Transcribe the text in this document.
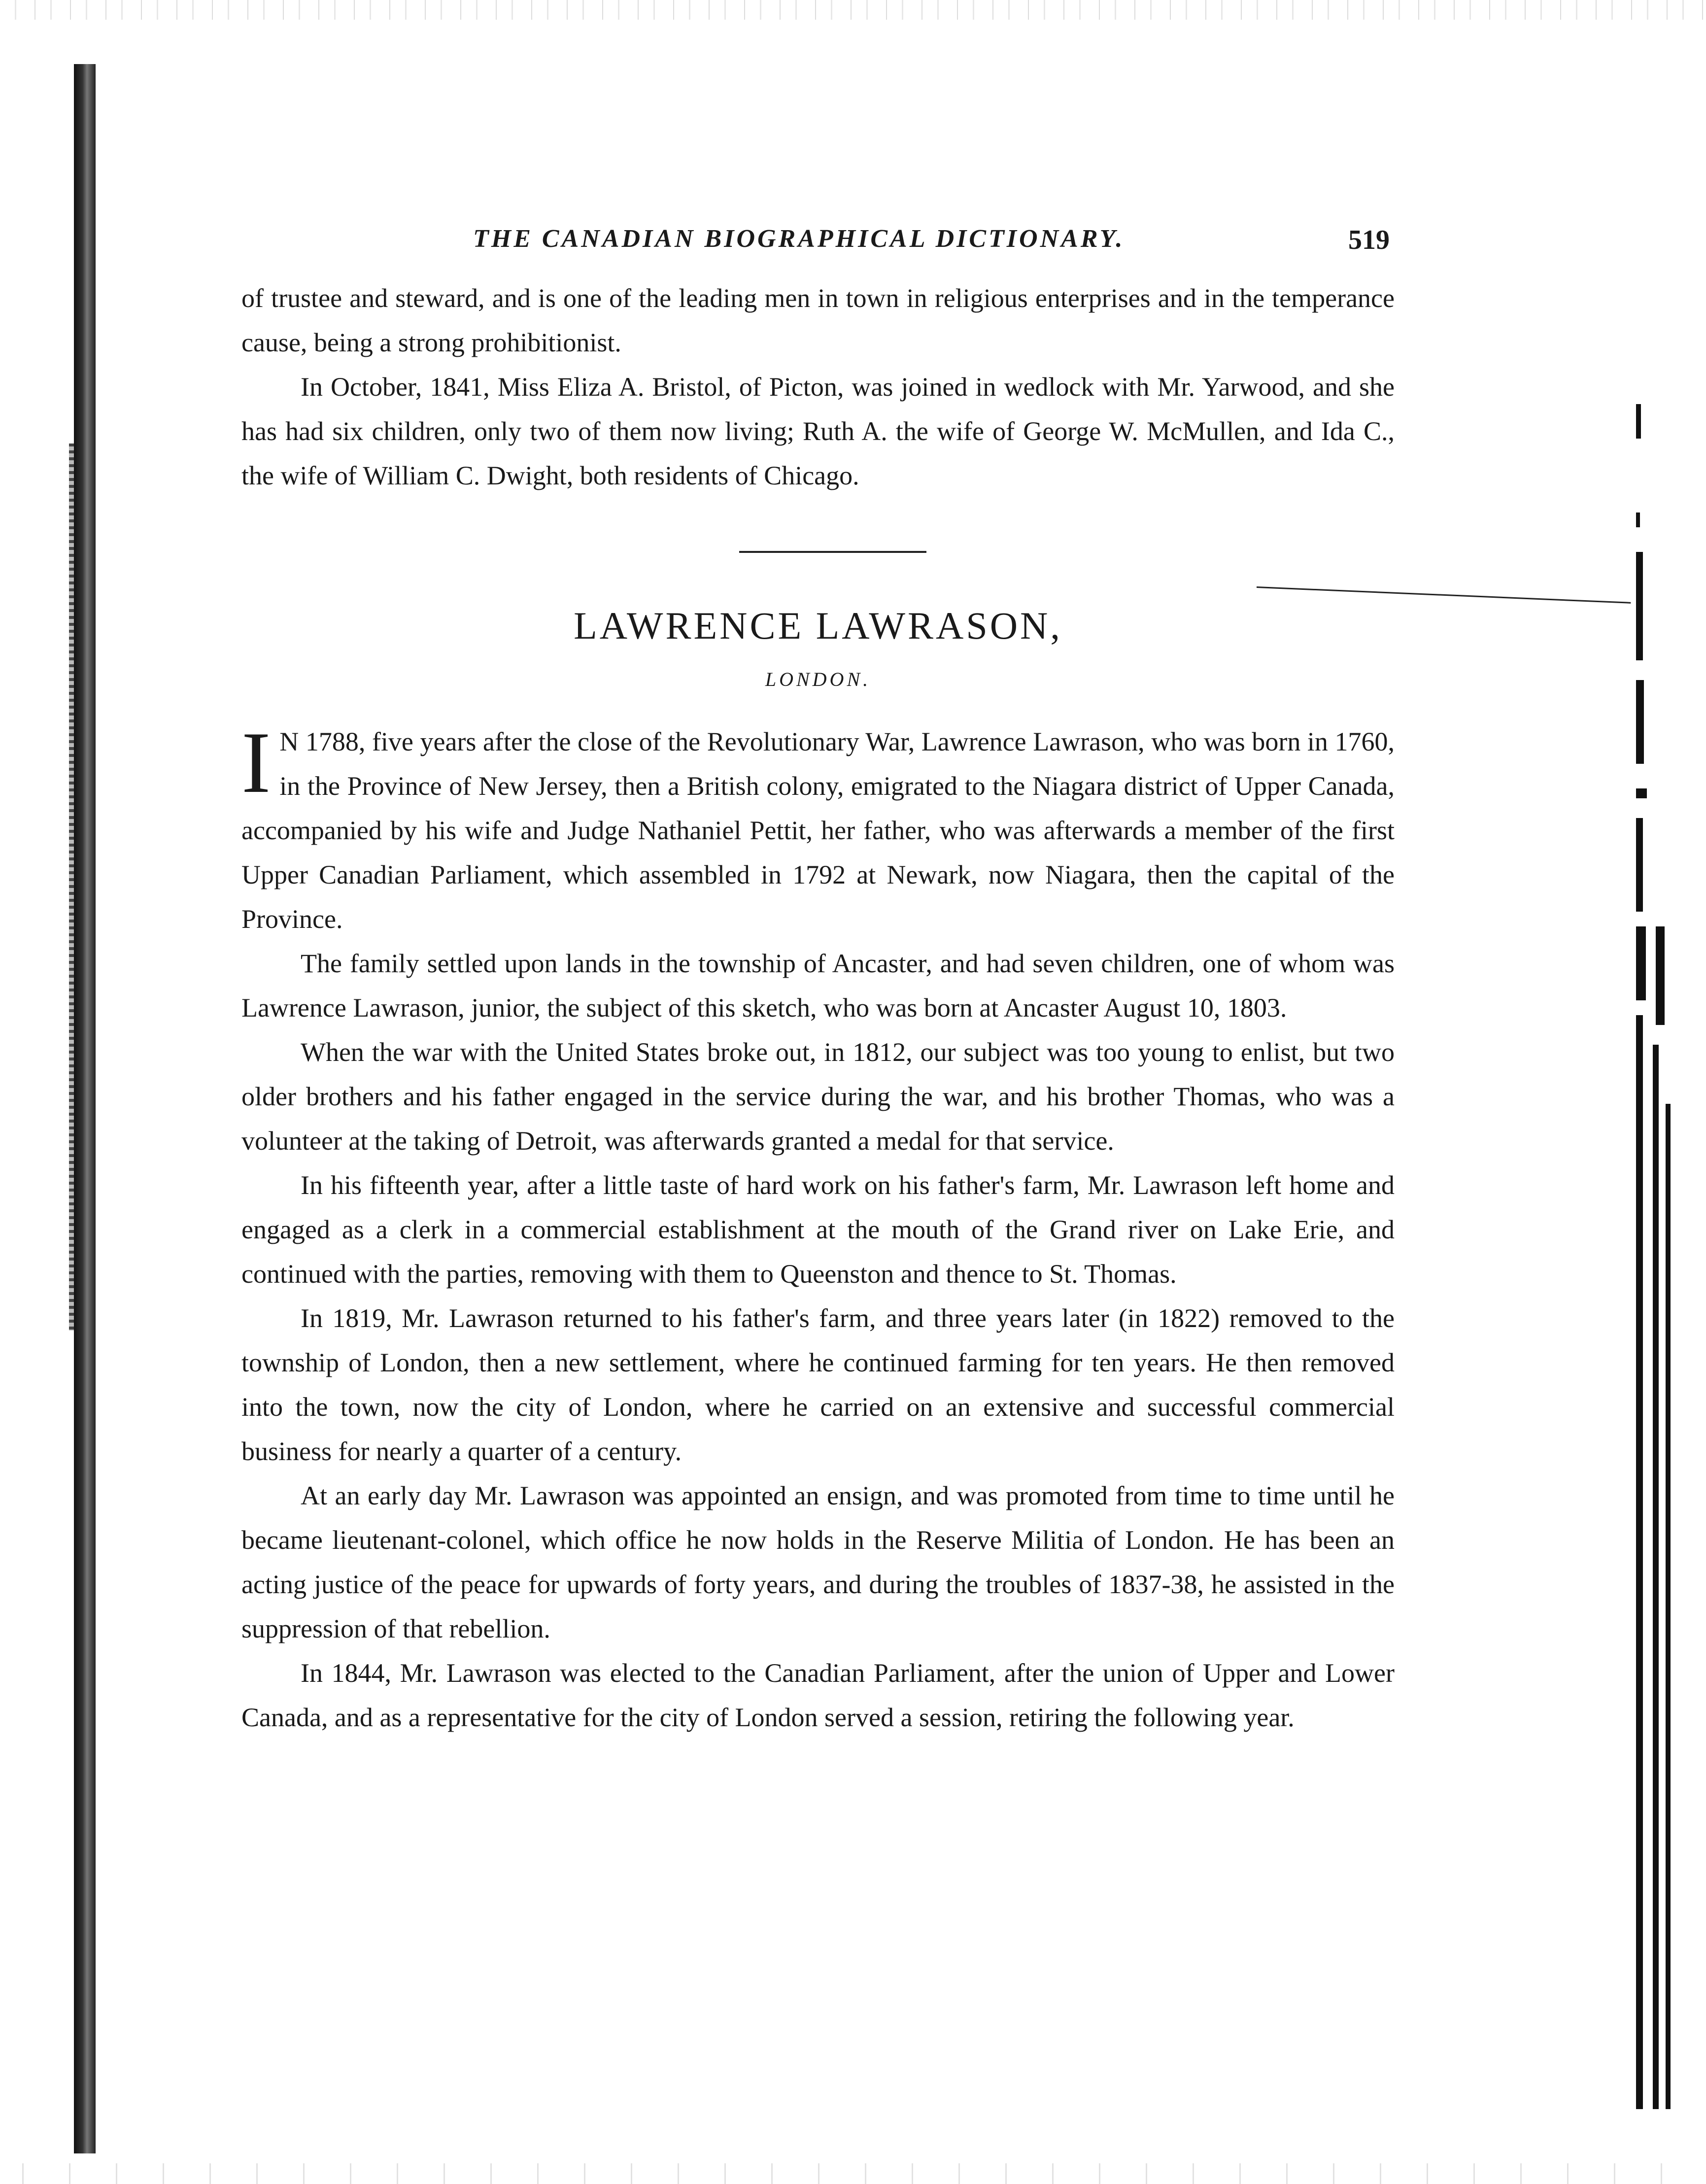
THE CANADIAN BIOGRAPHICAL DICTIONARY.	519

of trustee and steward, and is one of the leading men in town in religious enterprises and in the temperance cause, being a strong prohibitionist.

In October, 1841, Miss Eliza A. Bristol, of Picton, was joined in wedlock with Mr. Yarwood, and she has had six children, only two of them now living; Ruth A. the wife of George W. McMullen, and Ida C., the wife of William C. Dwight, both residents of Chicago.

LAWRENCE LAWRASON,
LONDON.

I N 1788, five years after the close of the Revolutionary War, Lawrence Lawrason, who was born in 1760, in the Province of New Jersey, then a British colony, emigrated to the Niagara district of Upper Canada, accompanied by his wife and Judge Nathaniel Pettit, her father, who was afterwards a member of the first Upper Canadian Parliament, which assembled in 1792 at Newark, now Niagara, then the capital of the Province.

The family settled upon lands in the township of Ancaster, and had seven children, one of whom was Lawrence Lawrason, junior, the subject of this sketch, who was born at Ancaster August 10, 1803.

When the war with the United States broke out, in 1812, our subject was too young to enlist, but two older brothers and his father engaged in the service during the war, and his brother Thomas, who was a volunteer at the taking of Detroit, was afterwards granted a medal for that service.

In his fifteenth year, after a little taste of hard work on his father's farm, Mr. Lawrason left home and engaged as a clerk in a commercial establishment at the mouth of the Grand river on Lake Erie, and continued with the parties, removing with them to Queenston and thence to St. Thomas.

In 1819, Mr. Lawrason returned to his father's farm, and three years later (in 1822) removed to the township of London, then a new settlement, where he continued farming for ten years. He then removed into the town, now the city of London, where he carried on an extensive and successful commercial business for nearly a quarter of a century.

At an early day Mr. Lawrason was appointed an ensign, and was promoted from time to time until he became lieutenant-colonel, which office he now holds in the Reserve Militia of London. He has been an acting justice of the peace for upwards of forty years, and during the troubles of 1837-38, he assisted in the suppression of that rebellion.

In 1844, Mr. Lawrason was elected to the Canadian Parliament, after the union of Upper and Lower Canada, and as a representative for the city of London served a session, retiring the following year.
